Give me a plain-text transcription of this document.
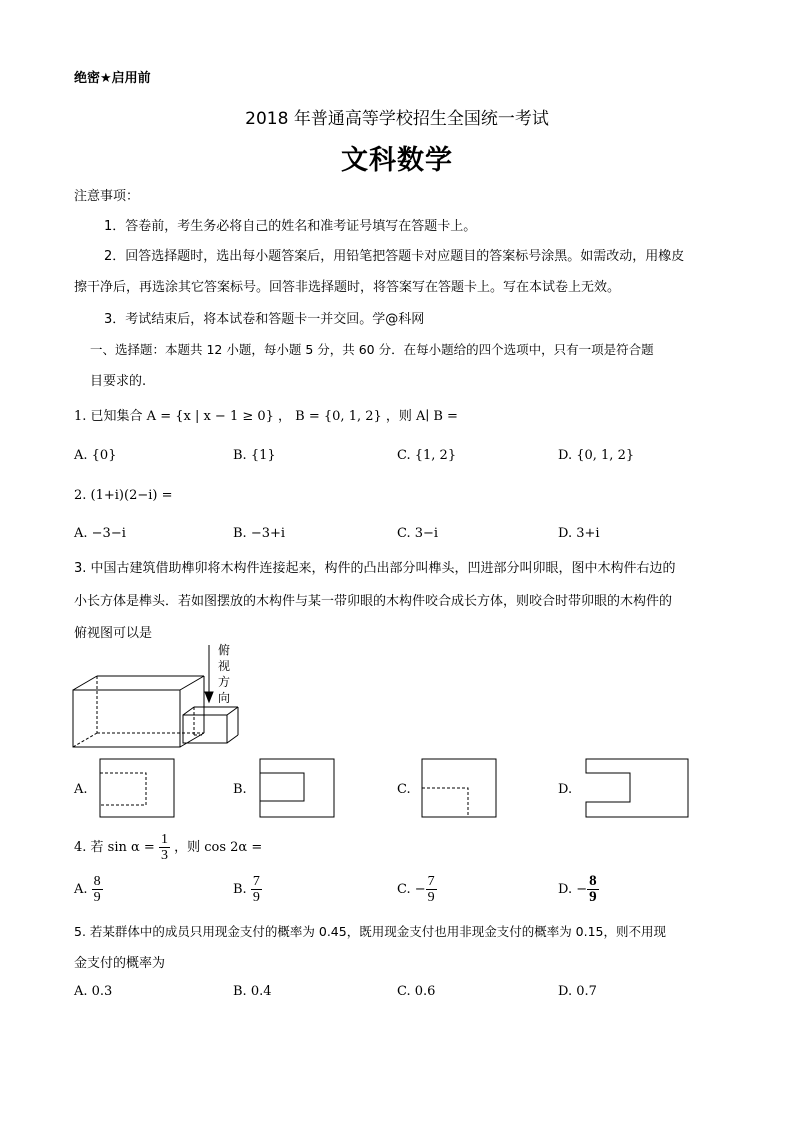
绝密★启用前
2018 年普通高等学校招生全国统一考试
文科数学
注意事项：
1．答卷前，考生务必将自己的姓名和准考证号填写在答题卡上。
2．回答选择题时，选出每小题答案后，用铅笔把答题卡对应题目的答案标号涂黑。如需改动，用橡皮
擦干净后，再选涂其它答案标号。回答非选择题时，将答案写在答题卡上。写在本试卷上无效。
3．考试结束后，将本试卷和答题卡一并交回。学@科网
一、选择题：本题共 12 小题，每小题 5 分，共 60 分．在每小题给的四个选项中，只有一项是符合题
目要求的.
1. 已知集合 A = {x | x − 1 ≥ 0} ， B = {0, 1, 2} ，则 A∣ B =
A. {0}	B. {1}	C. {1, 2}	D. {0, 1, 2}
2. (1+i)(2−i) =
A. −3−i	B. −3+i	C. 3−i	D. 3+i
3. 中国古建筑借助榫卯将木构件连接起来，构件的凸出部分叫榫头，凹进部分叫卯眼，图中木构件右边的
小长方体是榫头．若如图摆放的木构件与某一带卯眼的木构件咬合成长方体，则咬合时带卯眼的木构件的
俯视图可以是
俯
视
方
向
A.	B.	C.	D.
4. 若 $\sin \alpha = \frac{1}{3}$ ，则 cos 2α =
A. $\frac{8}{9}$	B. $\frac{7}{9}$	C. − $\frac{7}{9}$	D. − $\frac{8}{9}$
5. 若某群体中的成员只用现金支付的概率为 0.45，既用现金支付也用非现金支付的概率为 0.15，则不用现
金支付的概率为
A. 0.3	B. 0.4	C. 0.6	D. 0.7
